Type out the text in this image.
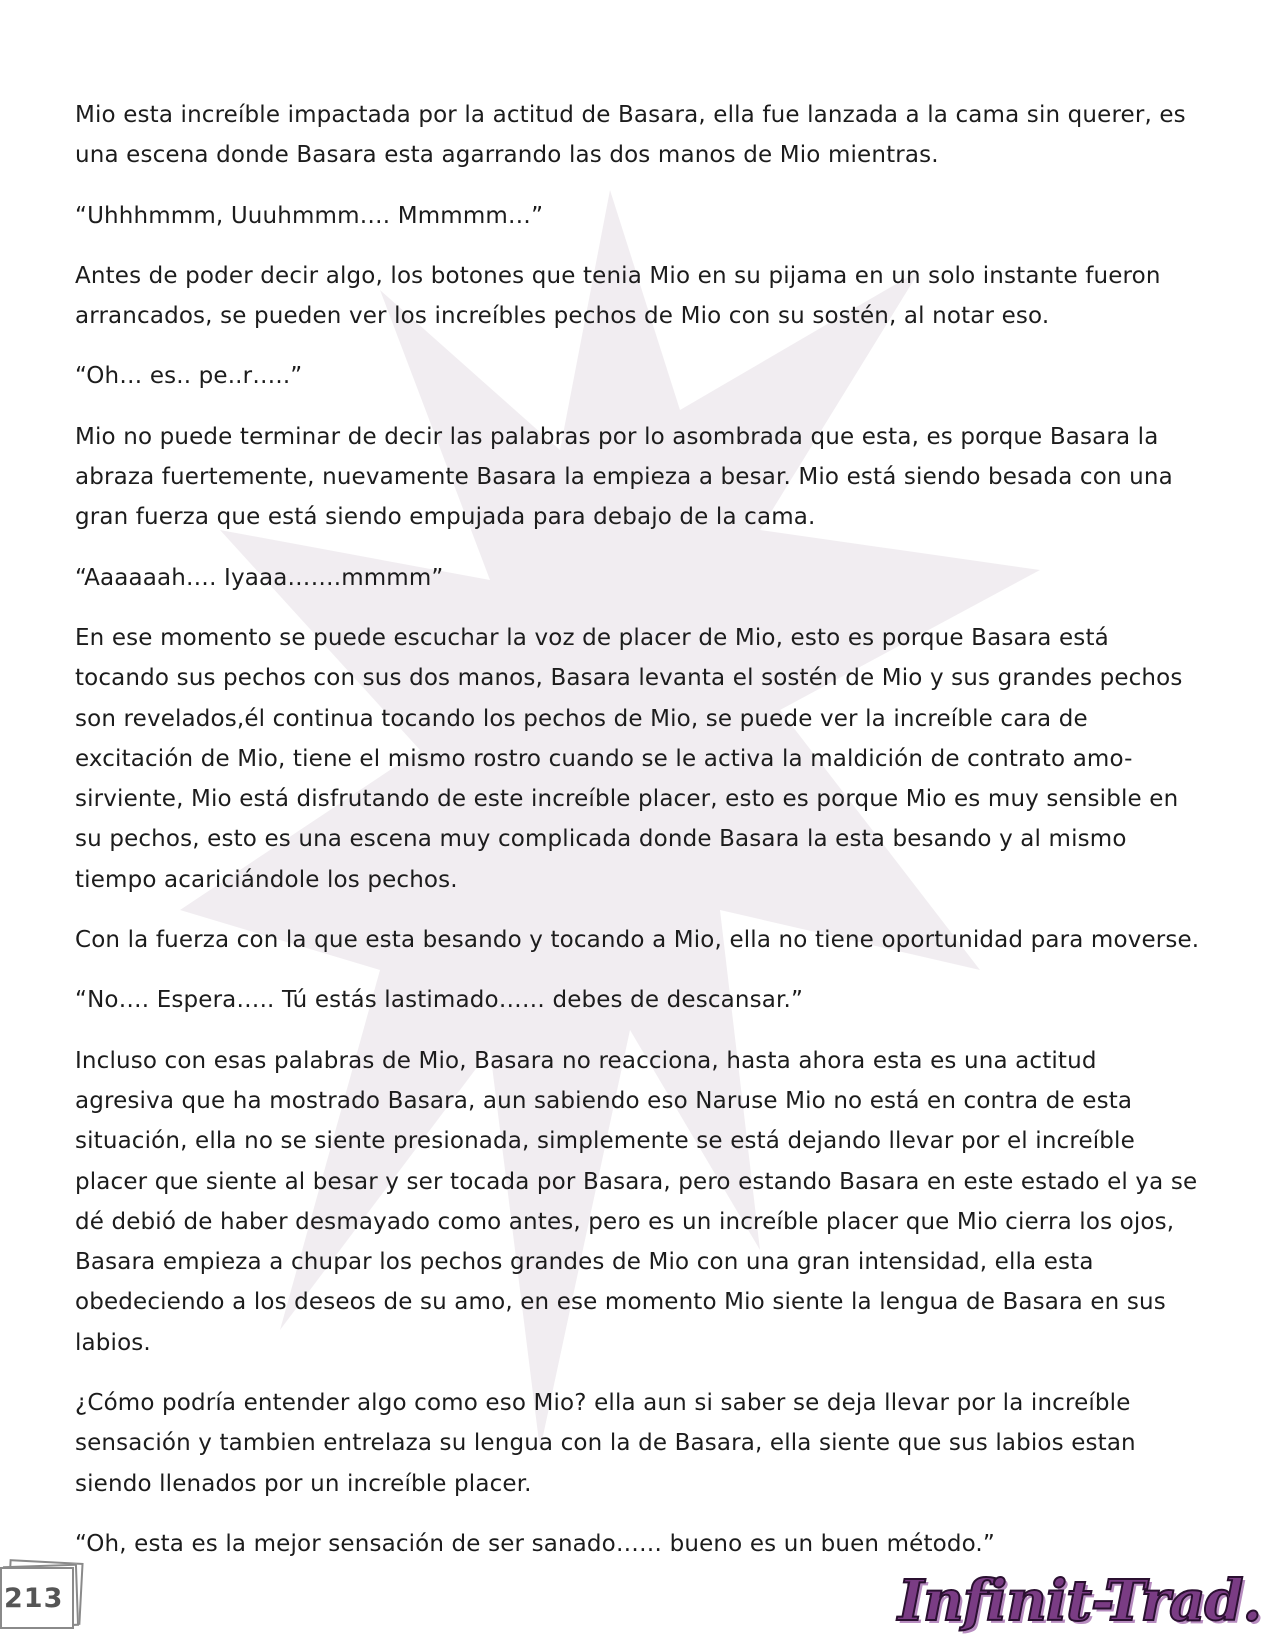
Mio esta increíble impactada por la actitud de Basara, ella fue lanzada a la cama sin querer, es una escena donde Basara esta agarrando las dos manos de Mio mientras.

“Uhhhmmm, Uuuhmmm…. Mmmmm…”

Antes de poder decir algo, los botones que tenia Mio en su pijama en un solo instante fueron arrancados, se pueden ver los increíbles pechos de Mio con su sostén, al notar eso.

“Oh… es.. pe..r…..”

Mio no puede terminar de decir las palabras por lo asombrada que esta, es porque Basara la abraza fuertemente, nuevamente Basara la empieza a besar. Mio está siendo besada con una gran fuerza que está siendo empujada para debajo de la cama.

“Aaaaaah…. Iyaaa…….mmmm”

En ese momento se puede escuchar la voz de placer de Mio, esto es porque Basara está tocando sus pechos con sus dos manos, Basara levanta el sostén de Mio y sus grandes pechos son revelados,él continua tocando los pechos de Mio, se puede ver la increíble cara de excitación de Mio, tiene el mismo rostro cuando se le activa la maldición de contrato amo-sirviente, Mio está disfrutando de este increíble placer, esto es porque Mio es muy sensible en su pechos, esto es una escena muy complicada donde Basara la esta besando y al mismo tiempo acariciándole los pechos.

Con la fuerza con la que esta besando y tocando a Mio, ella no tiene oportunidad para moverse.

“No…. Espera….. Tú estás lastimado…… debes de descansar.”

Incluso con esas palabras de Mio, Basara no reacciona, hasta ahora esta es una actitud agresiva que ha mostrado Basara, aun sabiendo eso Naruse Mio no está en contra de esta situación, ella no se siente presionada, simplemente se está dejando llevar por el increíble placer que siente al besar y ser tocada por Basara, pero estando Basara en este estado el ya se dé debió de haber desmayado como antes, pero es un increíble placer que Mio cierra los ojos, Basara empieza a chupar los pechos grandes de Mio con una gran intensidad, ella esta obedeciendo a los deseos de su amo, en ese momento Mio siente la lengua de Basara en sus labios.

¿Cómo podría entender algo como eso Mio? ella aun si saber se deja llevar por la increíble sensación y tambien entrelaza su lengua con la de Basara, ella siente que sus labios estan siendo llenados por un increíble placer.

“Oh, esta es la mejor sensación de ser sanado…… bueno es un buen método.”

213	Infinit-Trad.
